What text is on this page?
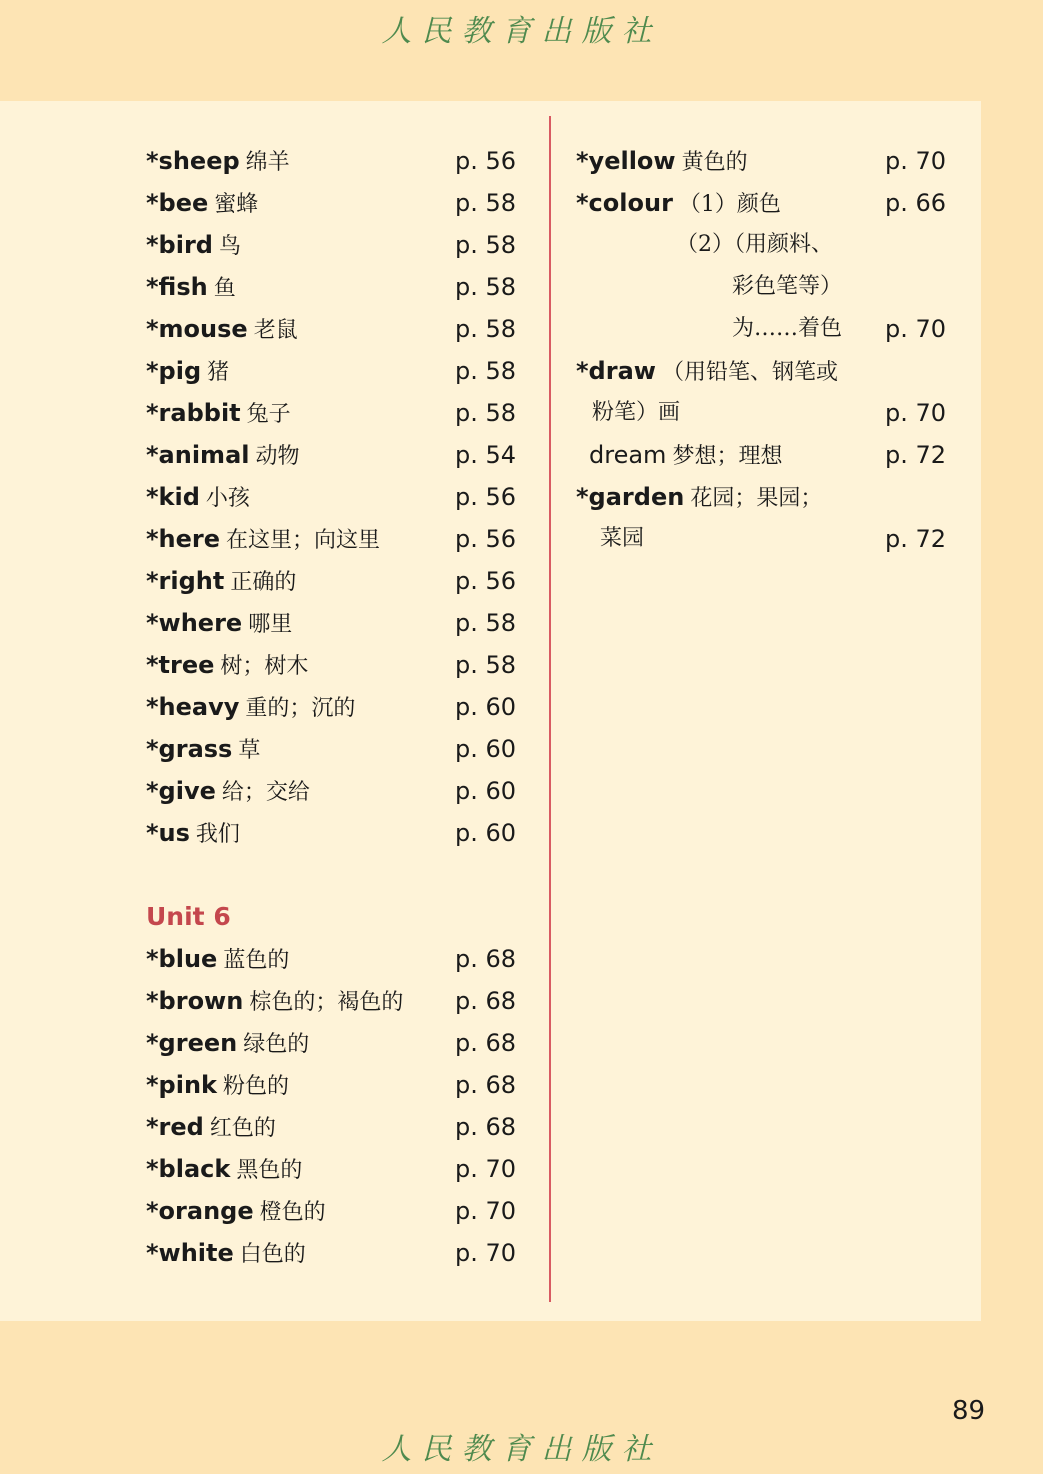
人民教育出版社
*sheep 绵羊	p. 56
*bee 蜜蜂	p. 58
*bird 鸟	p. 58
*fish 鱼	p. 58
*mouse 老鼠	p. 58
*pig 猪	p. 58
*rabbit 兔子	p. 58
*animal 动物	p. 54
*kid 小孩	p. 56
*here 在这里；向这里	p. 56
*right 正确的	p. 56
*where 哪里	p. 58
*tree 树；树木	p. 58
*heavy 重的；沉的	p. 60
*grass 草	p. 60
*give 给；交给	p. 60
*us 我们	p. 60
Unit 6
*blue 蓝色的	p. 68
*brown 棕色的；褐色的 p. 68
*green 绿色的	p. 68
*pink 粉色的	p. 68
*red 红色的	p. 68
*black 黑色的	p. 70
*orange 橙色的	p. 70
*white 白色的	p. 70
*yellow 黄色的	p. 70
*colour （1）颜色	p. 66
（2）（用颜料、
彩色笔等）
为……着色 p. 70
*draw （用铅笔、钢笔或
粉笔）画	p. 70
dream 梦想；理想	p. 72
*garden 花园；果园；
菜园	p. 72
89
人民教育出版社
